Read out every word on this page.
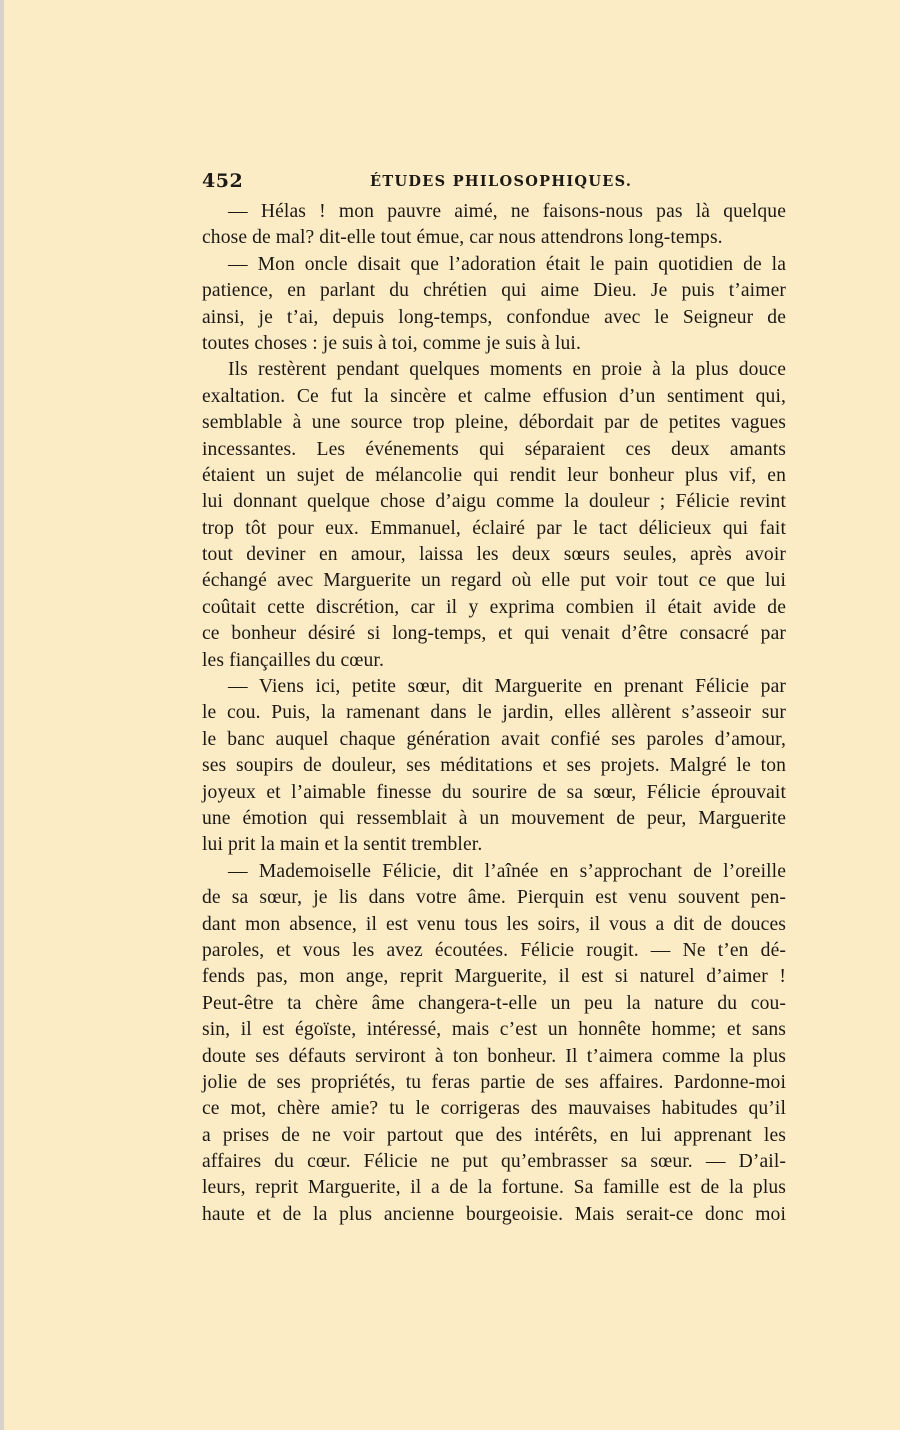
452	ÉTUDES PHILOSOPHIQUES.
— Hélas ! mon pauvre aimé, ne faisons-nous pas là quelque
chose de mal? dit-elle tout émue, car nous attendrons long-temps.
— Mon oncle disait que l’adoration était le pain quotidien de la
patience, en parlant du chrétien qui aime Dieu. Je puis t’aimer
ainsi, je t’ai, depuis long-temps, confondue avec le Seigneur de
toutes choses : je suis à toi, comme je suis à lui.
Ils restèrent pendant quelques moments en proie à la plus douce
exaltation. Ce fut la sincère et calme effusion d’un sentiment qui,
semblable à une source trop pleine, débordait par de petites vagues
incessantes. Les événements qui séparaient ces deux amants
étaient un sujet de mélancolie qui rendit leur bonheur plus vif, en
lui donnant quelque chose d’aigu comme la douleur ; Félicie revint
trop tôt pour eux. Emmanuel, éclairé par le tact délicieux qui fait
tout deviner en amour, laissa les deux sœurs seules, après avoir
échangé avec Marguerite un regard où elle put voir tout ce que lui
coûtait cette discrétion, car il y exprima combien il était avide de
ce bonheur désiré si long-temps, et qui venait d’être consacré par
les fiançailles du cœur.
— Viens ici, petite sœur, dit Marguerite en prenant Félicie par
le cou. Puis, la ramenant dans le jardin, elles allèrent s’asseoir sur
le banc auquel chaque génération avait confié ses paroles d’amour,
ses soupirs de douleur, ses méditations et ses projets. Malgré le ton
joyeux et l’aimable finesse du sourire de sa sœur, Félicie éprouvait
une émotion qui ressemblait à un mouvement de peur, Marguerite
lui prit la main et la sentit trembler.
— Mademoiselle Félicie, dit l’aînée en s’approchant de l’oreille
de sa sœur, je lis dans votre âme. Pierquin est venu souvent pen-
dant mon absence, il est venu tous les soirs, il vous a dit de douces
paroles, et vous les avez écoutées. Félicie rougit. — Ne t’en dé-
fends pas, mon ange, reprit Marguerite, il est si naturel d’aimer !
Peut-être ta chère âme changera-t-elle un peu la nature du cou-
sin, il est égoïste, intéressé, mais c’est un honnête homme; et sans
doute ses défauts serviront à ton bonheur. Il t’aimera comme la plus
jolie de ses propriétés, tu feras partie de ses affaires. Pardonne-moi
ce mot, chère amie? tu le corrigeras des mauvaises habitudes qu’il
a prises de ne voir partout que des intérêts, en lui apprenant les
affaires du cœur. Félicie ne put qu’embrasser sa sœur. — D’ail-
leurs, reprit Marguerite, il a de la fortune. Sa famille est de la plus
haute et de la plus ancienne bourgeoisie. Mais serait-ce donc moi
